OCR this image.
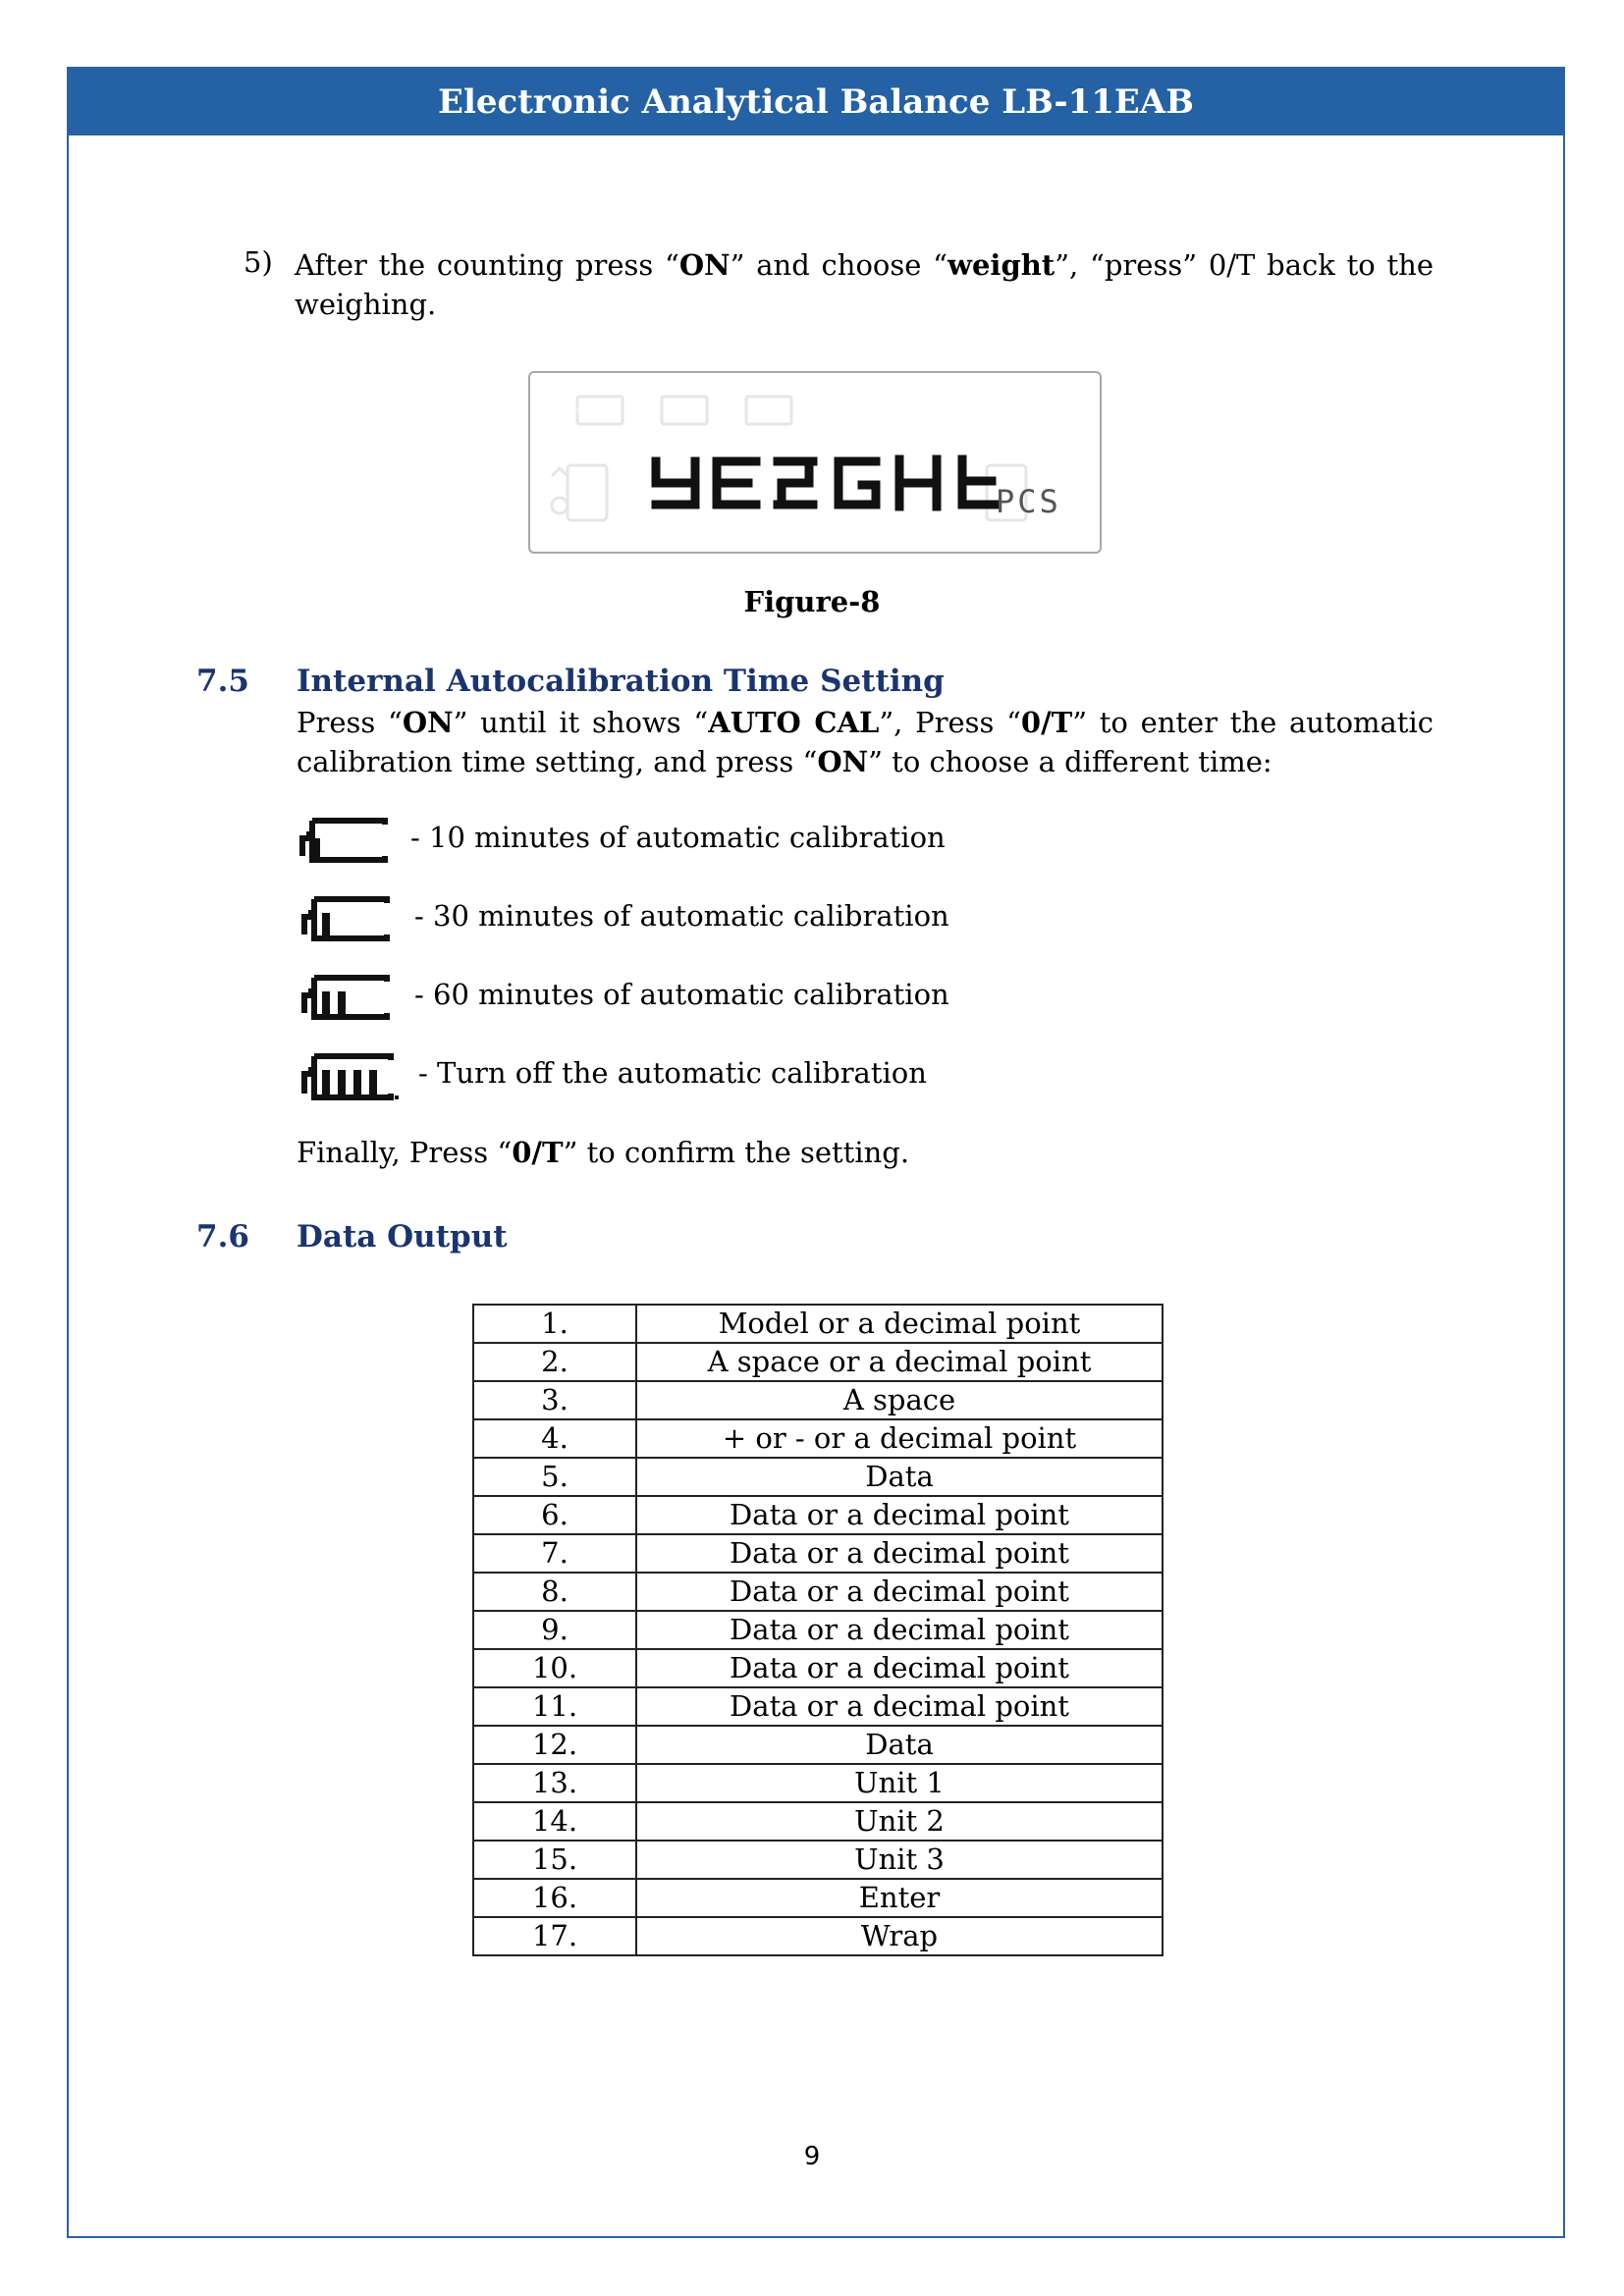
Electronic Analytical Balance LB-11EAB
5) After the counting press “ON” and choose “weight”, “press” 0/T back to the weighing.
YEIGHt
PCS
Figure-8
7.5 Internal Autocalibration Time Setting
Press “ON” until it shows “AUTO CAL”, Press “0/T” to enter the automatic calibration time setting, and press “ON” to choose a different time:
- 10 minutes of automatic calibration
- 30 minutes of automatic calibration
- 60 minutes of automatic calibration
- Turn off the automatic calibration
Finally, Press “0/T” to confirm the setting.
7.6 Data Output
1.	Model or a decimal point
2.	A space or a decimal point
3.	A space
4.	+ or - or a decimal point
5.	Data
6.	Data or a decimal point
7.	Data or a decimal point
8.	Data or a decimal point
9.	Data or a decimal point
10.	Data or a decimal point
11.	Data or a decimal point
12.	Data
13.	Unit 1
14.	Unit 2
15.	Unit 3
16.	Enter
17.	Wrap
9
